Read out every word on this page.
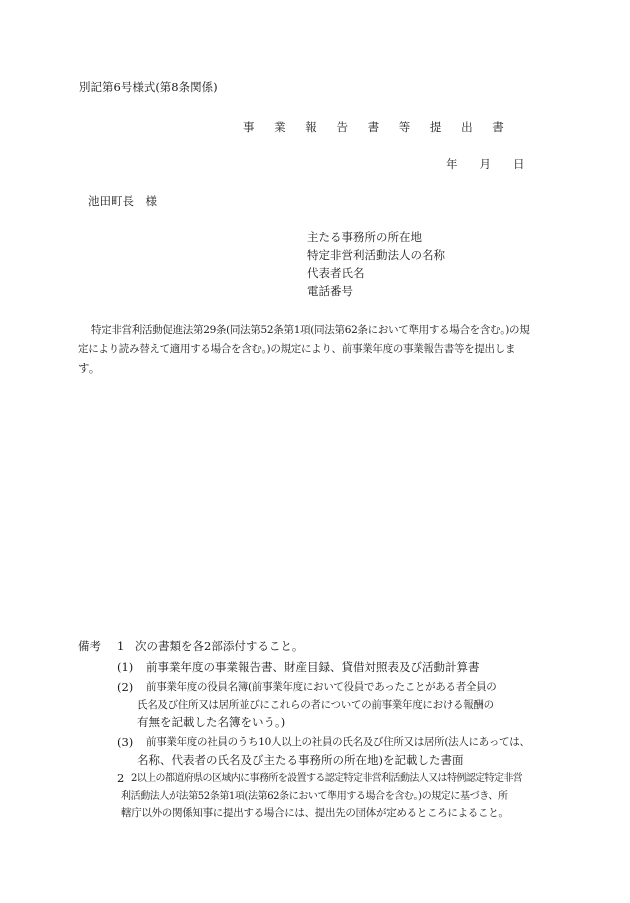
別記第6号様式(第8条関係)
事 業 報 告 書 等 提 出 書
年 月 日
池田町長　様
主たる事務所の所在地
特定非営利活動法人の名称
代表者氏名
電話番号
特定非営利活動促進法第29条(同法第52条第1項(同法第62条において準用する場合を含む。)の規
定により読み替えて適用する場合を含む。)の規定により、前事業年度の事業報告書等を提出しま
す。
備考 1 次の書類を各2部添付すること。
(1) 前事業年度の事業報告書、財産目録、貸借対照表及び活動計算書
(2) 前事業年度の役員名簿(前事業年度において役員であったことがある者全員の
氏名及び住所又は居所並びにこれらの者についての前事業年度における報酬の
有無を記載した名簿をいう。)
(3) 前事業年度の社員のうち10人以上の社員の氏名及び住所又は居所(法人にあっては、
名称、代表者の氏名及び主たる事務所の所在地)を記載した書面
2 2以上の都道府県の区域内に事務所を設置する認定特定非営利活動法人又は特例認定特定非営
利活動法人が法第52条第1項(法第62条において準用する場合を含む。)の規定に基づき、所
轄庁以外の関係知事に提出する場合には、提出先の団体が定めるところによること。
